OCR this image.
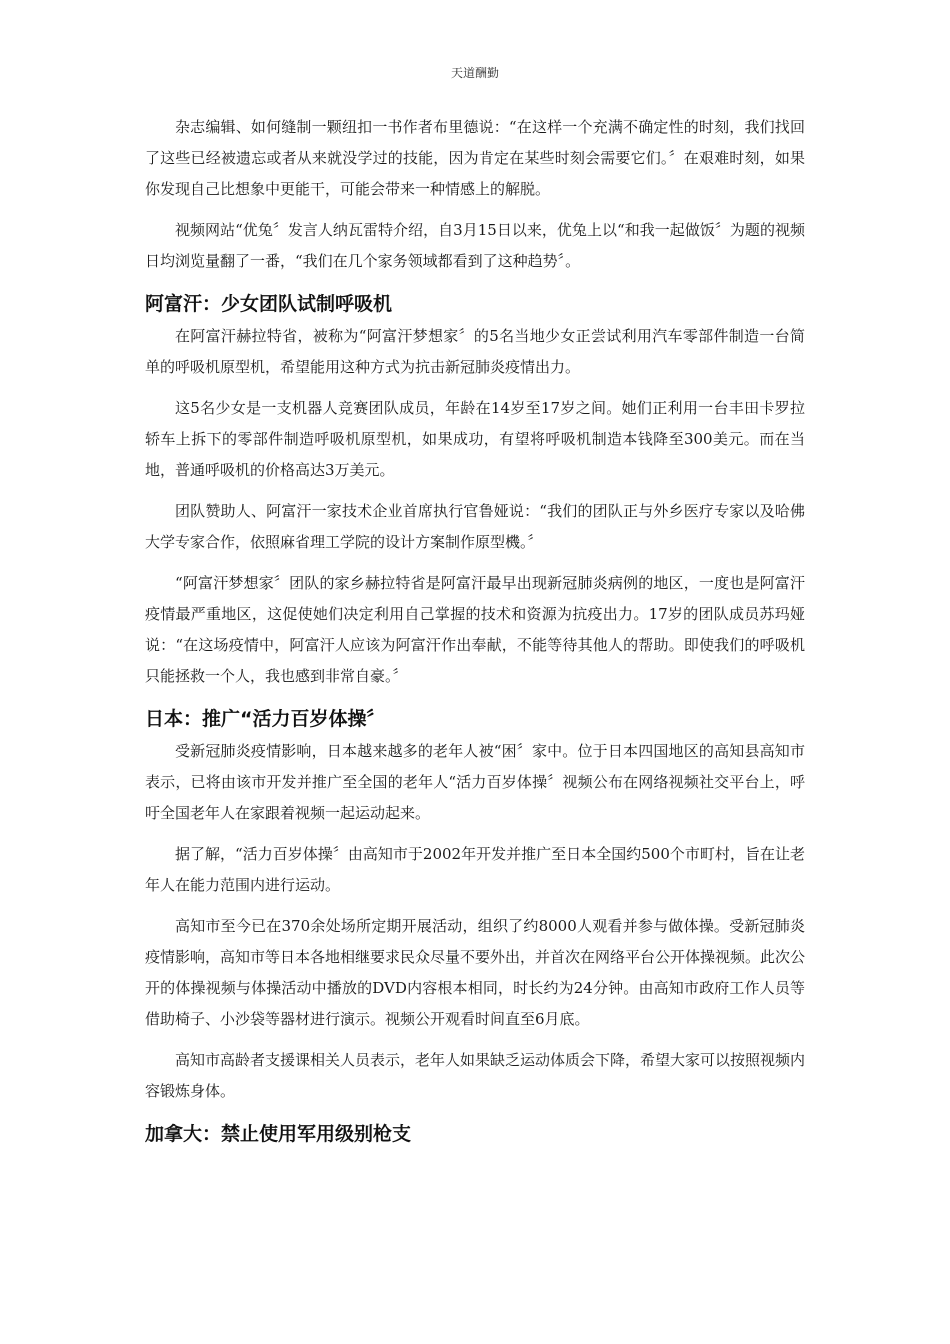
天道酬勤

杂志编辑、如何缝制一颗纽扣一书作者布里德说：“在这样一个充满不确定性的时刻，我们找回了这些已经被遗忘或者从来就没学过的技能，因为肯定在某些时刻会需要它们。〞在艰难时刻，如果你发现自己比想象中更能干，可能会带来一种情感上的解脱。

视频网站“优兔〞发言人纳瓦雷特介绍，自3月15日以来，优兔上以“和我一起做饭〞为题的视频日均浏览量翻了一番，“我们在几个家务领域都看到了这种趋势〞。

阿富汗：少女团队试制呼吸机

在阿富汗赫拉特省，被称为“阿富汗梦想家〞的5名当地少女正尝试利用汽车零部件制造一台简单的呼吸机原型机，希望能用这种方式为抗击新冠肺炎疫情出力。

这5名少女是一支机器人竞赛团队成员，年龄在14岁至17岁之间。她们正利用一台丰田卡罗拉轿车上拆下的零部件制造呼吸机原型机，如果成功，有望将呼吸机制造本钱降至300美元。而在当地，普通呼吸机的价格高达3万美元。

团队赞助人、阿富汗一家技术企业首席执行官鲁娅说：“我们的团队正与外乡医疗专家以及哈佛大学专家合作，依照麻省理工学院的设计方案制作原型機。〞

“阿富汗梦想家〞团队的家乡赫拉特省是阿富汗最早出现新冠肺炎病例的地区，一度也是阿富汗疫情最严重地区，这促使她们决定利用自己掌握的技术和资源为抗疫出力。17岁的团队成员苏玛娅说：“在这场疫情中，阿富汗人应该为阿富汗作出奉献，不能等待其他人的帮助。即使我们的呼吸机只能拯救一个人，我也感到非常自豪。〞

日本：推广“活力百岁体操〞

受新冠肺炎疫情影响，日本越来越多的老年人被“困〞家中。位于日本四国地区的高知县高知市表示，已将由该市开发并推广至全国的老年人“活力百岁体操〞视频公布在网络视频社交平台上，呼吁全国老年人在家跟着视频一起运动起来。

据了解，“活力百岁体操〞由高知市于2002年开发并推广至日本全国约500个市町村，旨在让老年人在能力范围内进行运动。

高知市至今已在370余处场所定期开展活动，组织了约8000人观看并参与做体操。受新冠肺炎疫情影响，高知市等日本各地相继要求民众尽量不要外出，并首次在网络平台公开体操视频。此次公开的体操视频与体操活动中播放的DVD内容根本相同，时长约为24分钟。由高知市政府工作人员等借助椅子、小沙袋等器材进行演示。视频公开观看时间直至6月底。

高知市高龄者支援课相关人员表示，老年人如果缺乏运动体质会下降，希望大家可以按照视频内容锻炼身体。

加拿大：禁止使用军用级别枪支
